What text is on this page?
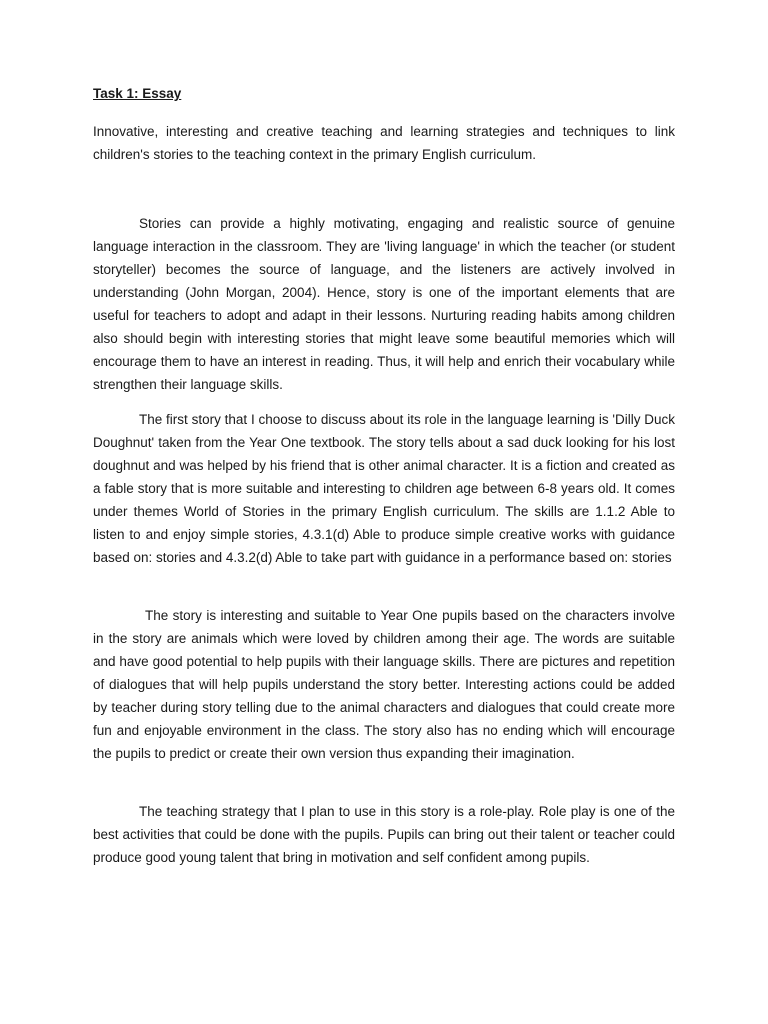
Task 1: Essay

Innovative, interesting and creative teaching and learning strategies and techniques to link children's stories to the teaching context in the primary English curriculum.

Stories can provide a highly motivating, engaging and realistic source of genuine language interaction in the classroom. They are 'living language' in which the teacher (or student storyteller) becomes the source of language, and the listeners are actively involved in understanding (John Morgan, 2004). Hence, story is one of the important elements that are useful for teachers to adopt and adapt in their lessons. Nurturing reading habits among children also should begin with interesting stories that might leave some beautiful memories which will encourage them to have an interest in reading. Thus, it will help and enrich their vocabulary while strengthen their language skills.

The first story that I choose to discuss about its role in the language learning is 'Dilly Duck Doughnut' taken from the Year One textbook. The story tells about a sad duck looking for his lost doughnut and was helped by his friend that is other animal character. It is a fiction and created as a fable story that is more suitable and interesting to children age between 6-8 years old. It comes under themes World of Stories in the primary English curriculum. The skills are 1.1.2 Able to listen to and enjoy simple stories, 4.3.1(d) Able to produce simple creative works with guidance based on: stories and 4.3.2(d) Able to take part with guidance in a performance based on: stories

The story is interesting and suitable to Year One pupils based on the characters involve in the story are animals which were loved by children among their age. The words are suitable and have good potential to help pupils with their language skills. There are pictures and repetition of dialogues that will help pupils understand the story better. Interesting actions could be added by teacher during story telling due to the animal characters and dialogues that could create more fun and enjoyable environment in the class. The story also has no ending which will encourage the pupils to predict or create their own version thus expanding their imagination.

The teaching strategy that I plan to use in this story is a role-play. Role play is one of the best activities that could be done with the pupils. Pupils can bring out their talent or teacher could produce good young talent that bring in motivation and self confident among pupils.
